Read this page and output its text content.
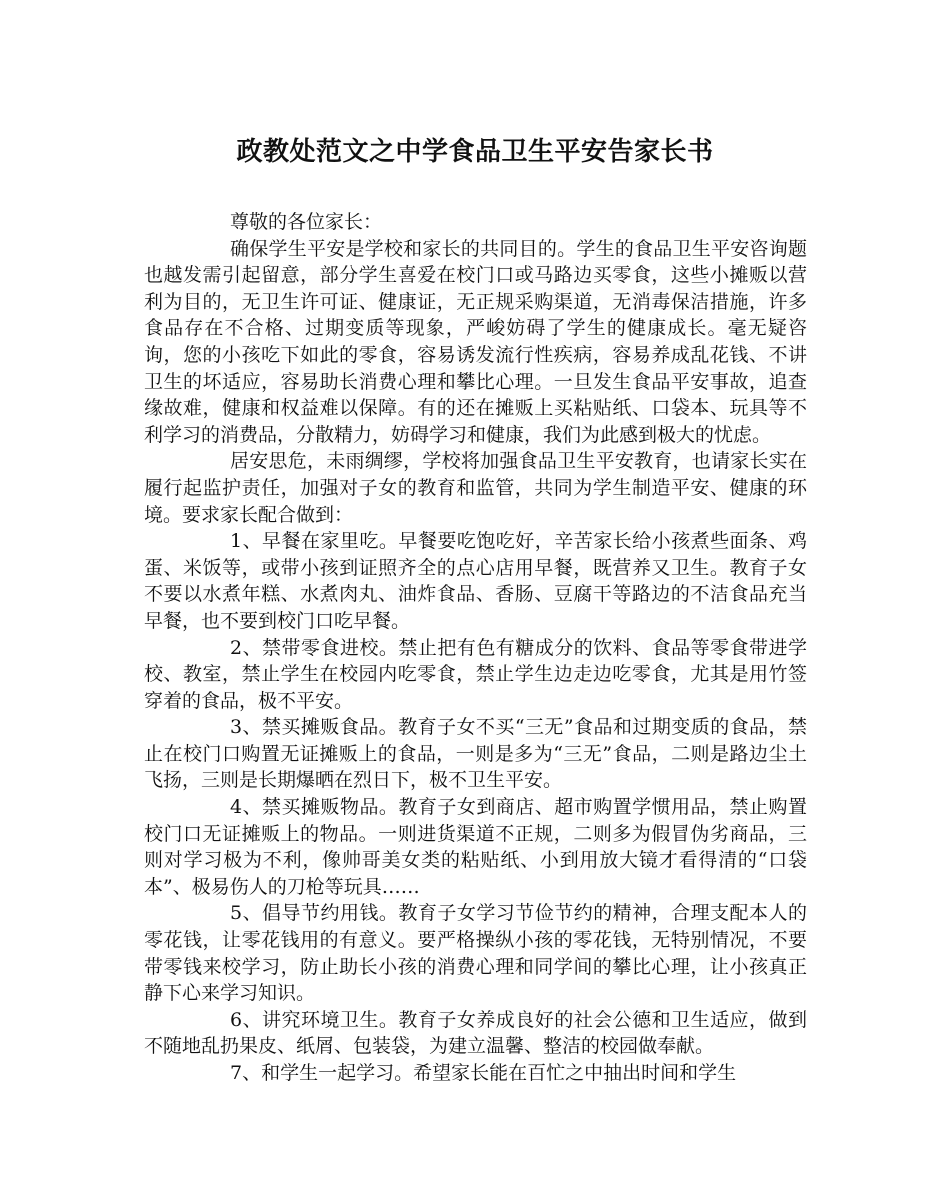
政教处范文之中学食品卫生平安告家长书

尊敬的各位家长：

确保学生平安是学校和家长的共同目的。学生的食品卫生平安咨询题也越发需引起留意，部分学生喜爱在校门口或马路边买零食，这些小摊贩以营利为目的，无卫生许可证、健康证，无正规采购渠道，无消毒保洁措施，许多食品存在不合格、过期变质等现象，严峻妨碍了学生的健康成长。毫无疑咨询，您的小孩吃下如此的零食，容易诱发流行性疾病，容易养成乱花钱、不讲卫生的坏适应，容易助长消费心理和攀比心理。一旦发生食品平安事故，追查缘故难，健康和权益难以保障。有的还在摊贩上买粘贴纸、口袋本、玩具等不利学习的消费品，分散精力，妨碍学习和健康，我们为此感到极大的忧虑。

居安思危，未雨绸缪，学校将加强食品卫生平安教育，也请家长实在履行起监护责任，加强对子女的教育和监管，共同为学生制造平安、健康的环境。要求家长配合做到：

1、早餐在家里吃。早餐要吃饱吃好，辛苦家长给小孩煮些面条、鸡蛋、米饭等，或带小孩到证照齐全的点心店用早餐，既营养又卫生。教育子女不要以水煮年糕、水煮肉丸、油炸食品、香肠、豆腐干等路边的不洁食品充当早餐，也不要到校门口吃早餐。

2、禁带零食进校。禁止把有色有糖成分的饮料、食品等零食带进学校、教室，禁止学生在校园内吃零食，禁止学生边走边吃零食，尤其是用竹签穿着的食品，极不平安。

3、禁买摊贩食品。教育子女不买“三无”食品和过期变质的食品，禁止在校门口购置无证摊贩上的食品，一则是多为“三无”食品，二则是路边尘土飞扬，三则是长期爆晒在烈日下，极不卫生平安。

4、禁买摊贩物品。教育子女到商店、超市购置学惯用品，禁止购置校门口无证摊贩上的物品。一则进货渠道不正规，二则多为假冒伪劣商品，三则对学习极为不利，像帅哥美女类的粘贴纸、小到用放大镜才看得清的“口袋本”、极易伤人的刀枪等玩具……

5、倡导节约用钱。教育子女学习节俭节约的精神，合理支配本人的零花钱，让零花钱用的有意义。要严格操纵小孩的零花钱，无特别情况，不要带零钱来校学习，防止助长小孩的消费心理和同学间的攀比心理，让小孩真正静下心来学习知识。

6、讲究环境卫生。教育子女养成良好的社会公德和卫生适应，做到不随地乱扔果皮、纸屑、包装袋，为建立温馨、整洁的校园做奉献。

7、和学生一起学习。希望家长能在百忙之中抽出时间和学生
